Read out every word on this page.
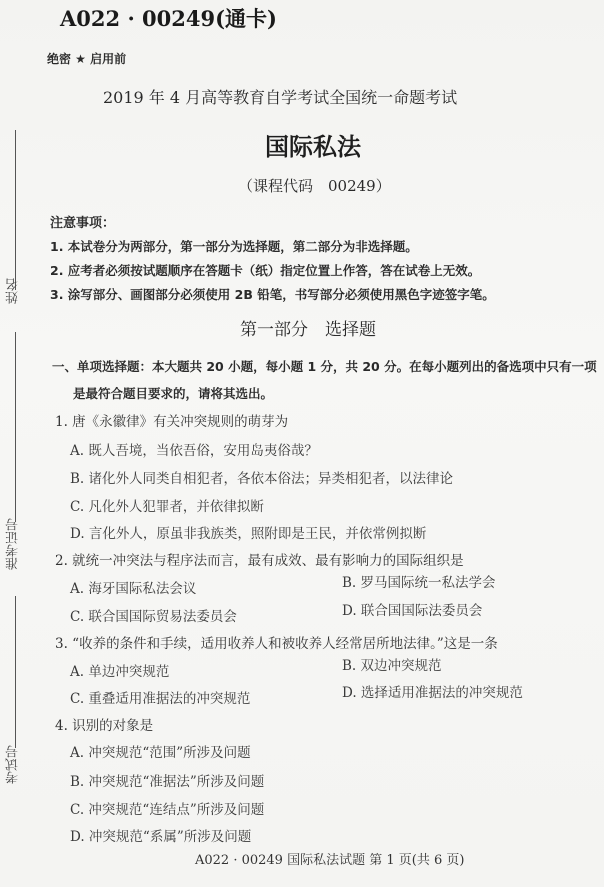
姓名
准考证号
考试号
A022 · 00249(通卡)
绝密 ★ 启用前
2019 年 4 月高等教育自学考试全国统一命题考试
国际私法
（课程代码　00249）
注意事项：
1. 本试卷分为两部分，第一部分为选择题，第二部分为非选择题。
2. 应考者必须按试题顺序在答题卡（纸）指定位置上作答，答在试卷上无效。
3. 涂写部分、画图部分必须使用 2B 铅笔，书写部分必须使用黑色字迹签字笔。
第一部分　选择题
一、单项选择题：本大题共 20 小题，每小题 1 分，共 20 分。在每小题列出的备选项中只有一项
是最符合题目要求的，请将其选出。
1. 唐《永徽律》有关冲突规则的萌芽为
A. 既人吾境，当依吾俗，安用岛夷俗哉？
B. 诸化外人同类自相犯者，各依本俗法；异类相犯者，以法律论
C. 凡化外人犯罪者，并依律拟断
D. 言化外人，原虽非我族类，照附即是王民，并依常例拟断
2. 就统一冲突法与程序法而言，最有成效、最有影响力的国际组织是
A. 海牙国际私法会议	B. 罗马国际统一私法学会
C. 联合国国际贸易法委员会	D. 联合国国际法委员会
3. “收养的条件和手续，适用收养人和被收养人经常居所地法律。”这是一条
A. 单边冲突规范	B. 双边冲突规范
C. 重叠适用准据法的冲突规范	D. 选择适用准据法的冲突规范
4. 识别的对象是
A. 冲突规范“范围”所涉及问题
B. 冲突规范“准据法”所涉及问题
C. 冲突规范“连结点”所涉及问题
D. 冲突规范“系属”所涉及问题
A022 · 00249 国际私法试题 第 1 页(共 6 页)
